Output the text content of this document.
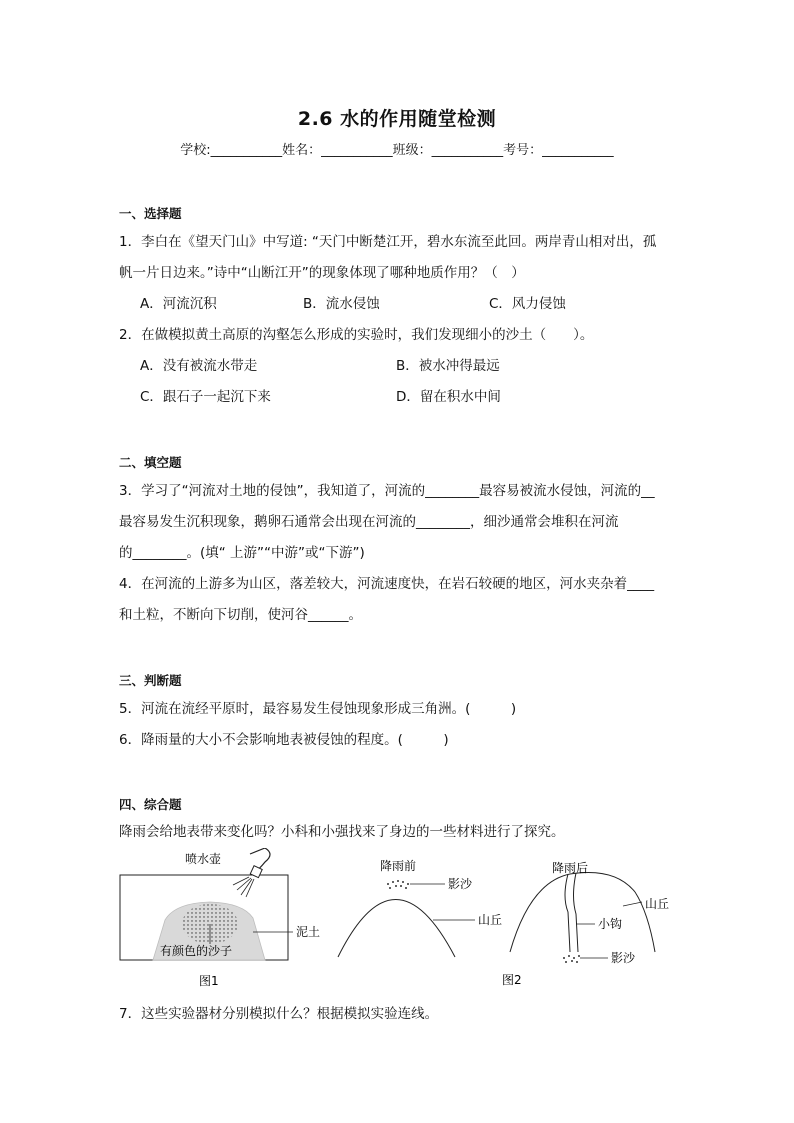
2.6 水的作用随堂检测
学校:___________姓名：___________班级：___________考号：___________
一、选择题
1．李白在《望天门山》中写道: “天门中断楚江开，碧水东流至此回。两岸青山相对出，孤
帆一片日边来。”诗中“山断江开”的现象体现了哪种地质作用？（　）
A．河流沉积	B．流水侵蚀	C．风力侵蚀
2．在做模拟黄土高原的沟壑怎么形成的实验时，我们发现细小的沙土（　　）。
A．没有被流水带走	B．被水冲得最远
C．跟石子一起沉下来	D．留在积水中间
二、填空题
3．学习了“河流对土地的侵蚀”，我知道了，河流的________最容易被流水侵蚀，河流的__
最容易发生沉积现象，鹅卵石通常会出现在河流的________，细沙通常会堆积在河流
的________。(填“ 上游”“中游”或“下游”)
4．在河流的上游多为山区，落差较大，河流速度快，在岩石较硬的地区，河水夹杂着____
和土粒，不断向下切削，使河谷______。
三、判断题
5．河流在流经平原时，最容易发生侵蚀现象形成三角洲。(　　　)
6．降雨量的大小不会影响地表被侵蚀的程度。(　　　)
四、综合题
降雨会给地表带来变化吗？小科和小强找来了身边的一些材料进行了探究。
喷水壶
泥土
有颜色的沙子
图1
降雨前
影沙
山丘
图2
降雨后
山丘
小钩
影沙
7．这些实验器材分别模拟什么？根据模拟实验连线。
